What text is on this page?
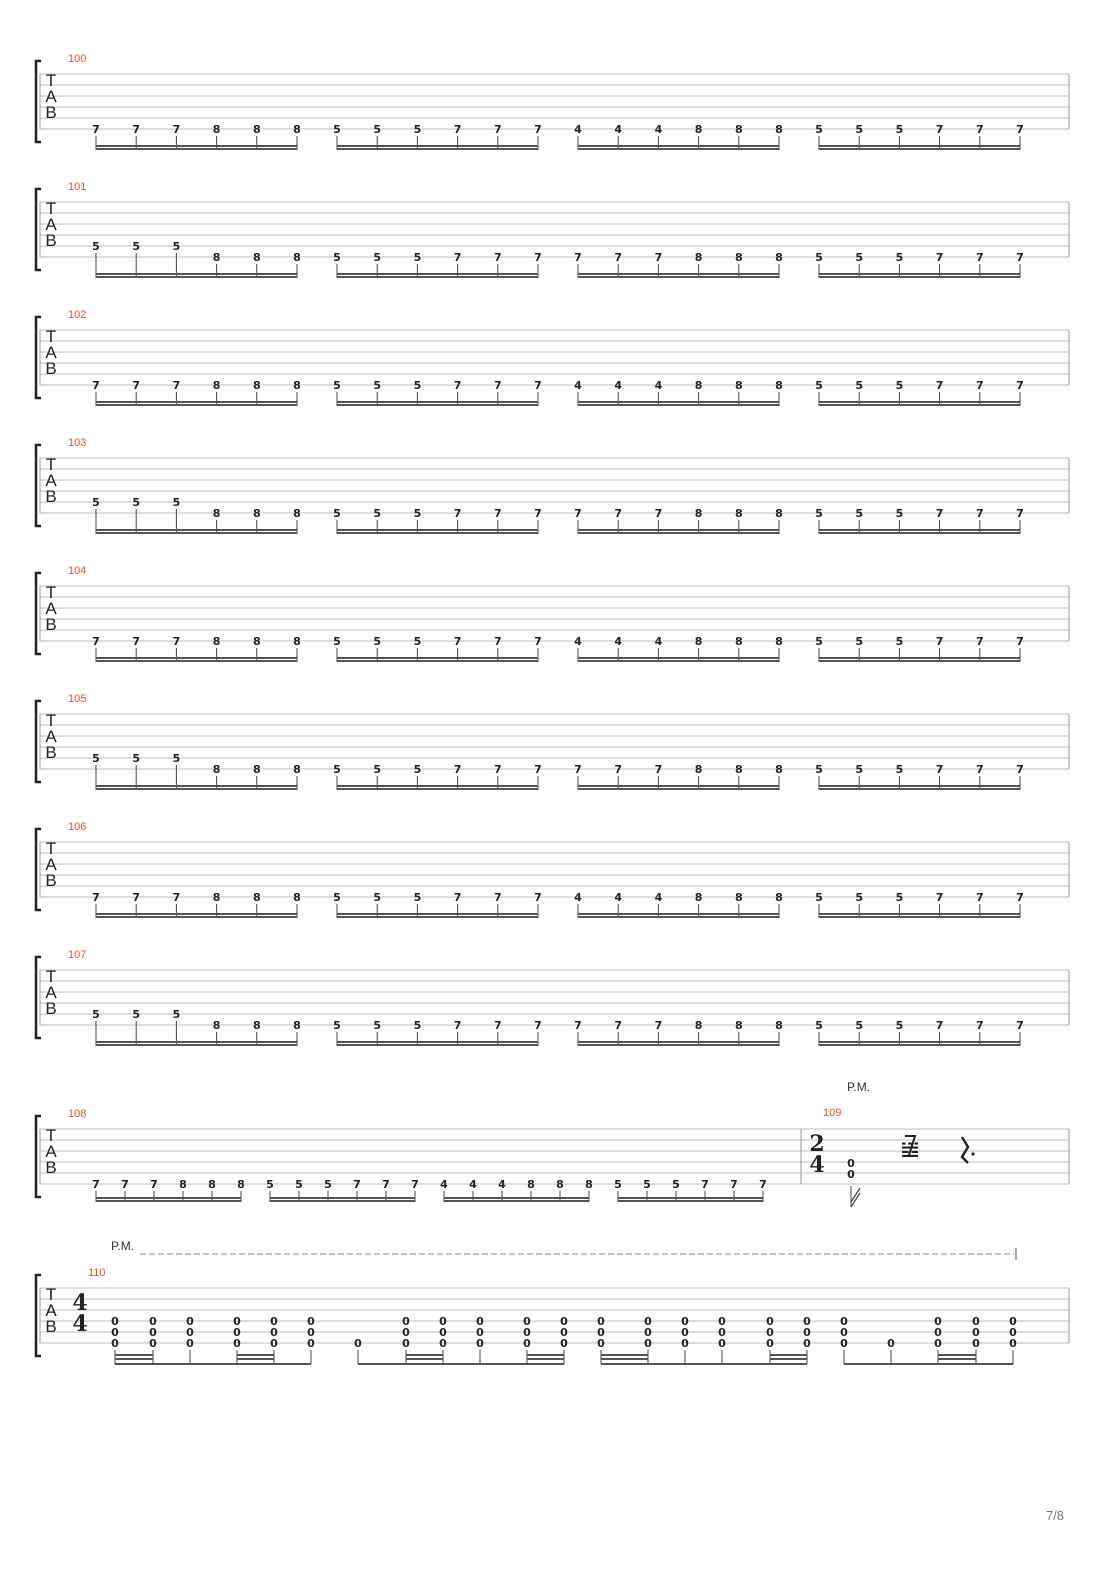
T
A
B
100
7	7	7	8	8	8	5	5	5	7	7	7	4	4	4	8	8	8	5	5	5	7	7	7
T
A
B
101
5	5	5
8	8	8	5	5	5	7	7	7	7	7	7	8	8	8	5	5	5	7	7	7
T
A
B
102
7	7	7	8	8	8	5	5	5	7	7	7	4	4	4	8	8	8	5	5	5	7	7	7
T
A
B
103
5	5	5
8	8	8	5	5	5	7	7	7	7	7	7	8	8	8	5	5	5	7	7	7
T
A
B
104
7	7	7	8	8	8	5	5	5	7	7	7	4	4	4	8	8	8	5	5	5	7	7	7
T
A
B
105
5	5	5
8	8	8	5	5	5	7	7	7	7	7	7	8	8	8	5	5	5	7	7	7
T
A
B
106
7	7	7	8	8	8	5	5	5	7	7	7	4	4	4	8	8	8	5	5	5	7	7	7
T
A
B
107
5	5	5
8	8	8	5	5	5	7	7	7	7	7	7	8	8	8	5	5	5	7	7	7
T
A
B
108
7 7 7 8 8 8 5 5 5 7 7 7 4 4 4 8 8 8 5 5 5 7 7 7
109
P.M.
2
4 0
0
𝌿
T
A
B
110
P.M.
4
4 0
0
0
0
0
0
0
0
0
0
0
0
0
0
0
0
0
0	0
0
0
0
0
0
0
0
0
0
0
0
0
0
0
0
0
0
0
0
0
0
0
0
0
0
0
0
0
0
0
0
0
0
0
0
0	0
0
0
0
0
0
0
0
0
0
7/8
